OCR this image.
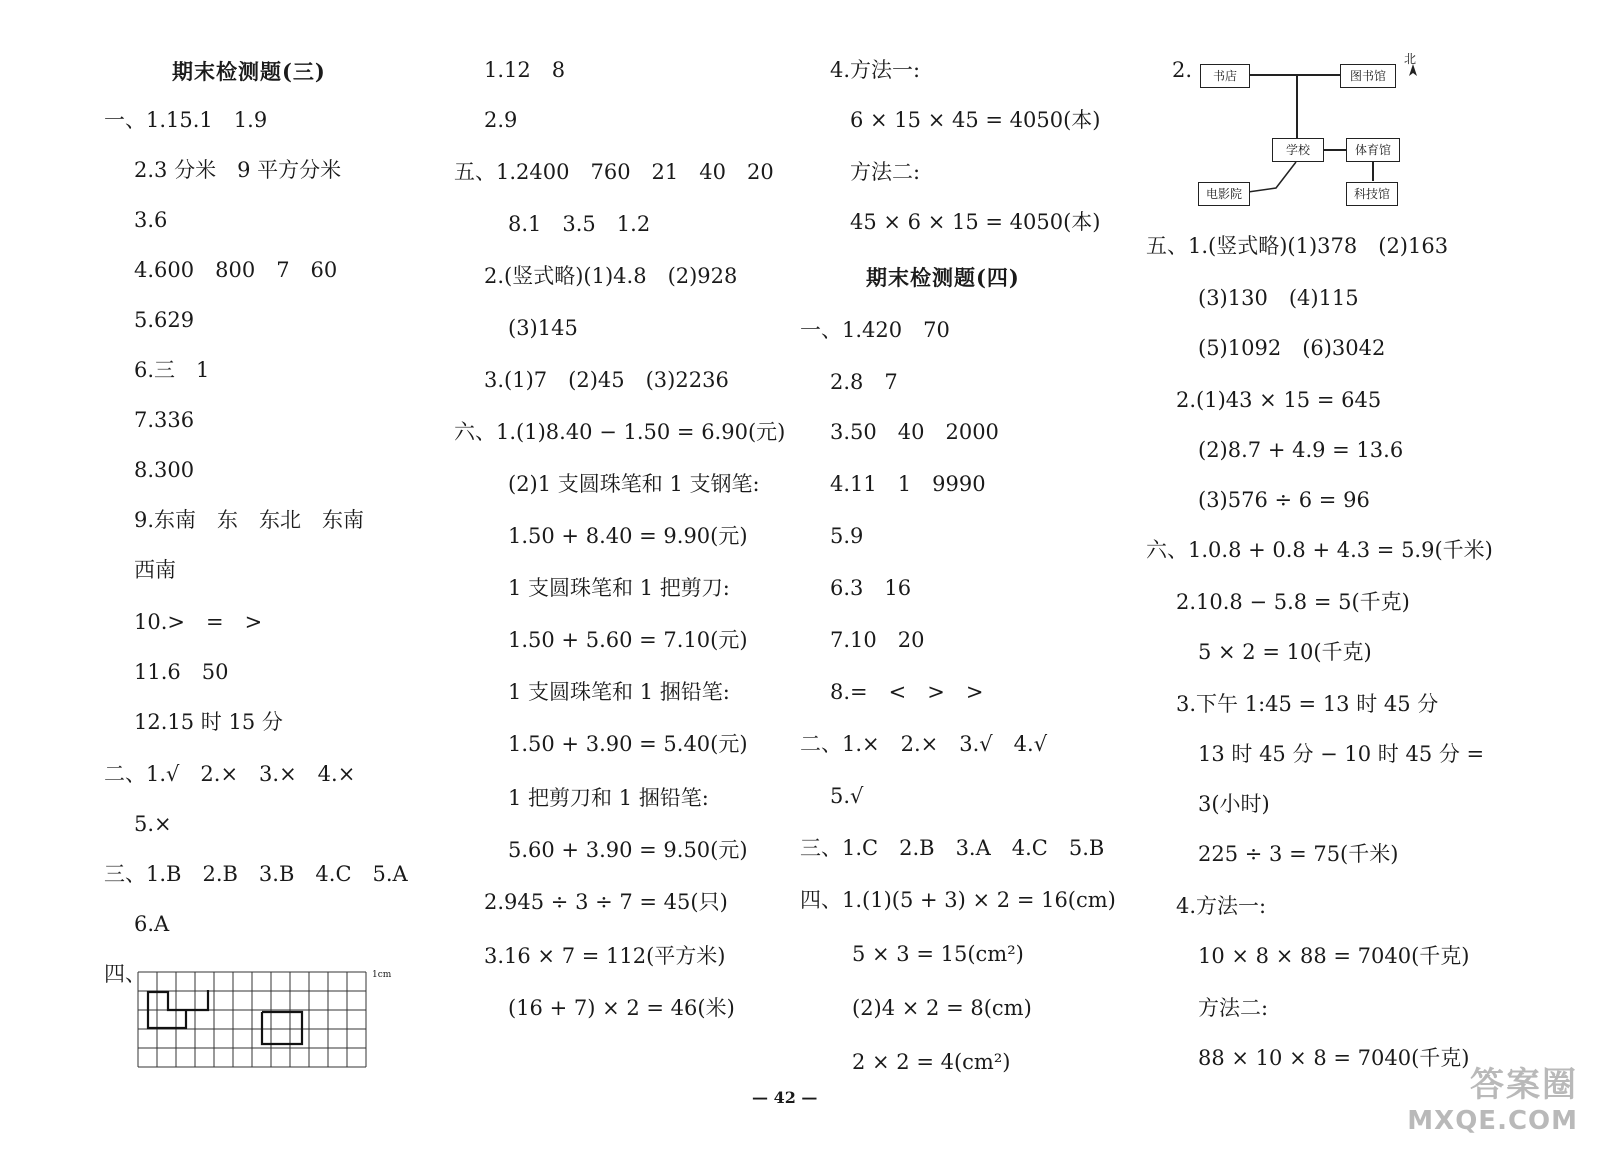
期末检测题(三)
一、1.15.1　1.9
2.3 分米　9 平方分米
3.6
4.600　800　7　60
5.629
6.三　1
7.336
8.300
9.东南　东　东北　东南
西南
10.>　=　>
11.6　50
12.15 时 15 分
二、1.√　2.×　3.×　4.×
5.×
三、1.B　2.B　3.B　4.C　5.A
6.A
四、	1cm
1.12　8
2.9
五、1.2400　760　21　40　20
8.1　3.5　1.2
2.(竖式略)(1)4.8　(2)928
(3)145
3.(1)7　(2)45　(3)2236
六、1.(1)8.40 − 1.50 = 6.90(元)
(2)1 支圆珠笔和 1 支钢笔:
1.50 + 8.40 = 9.90(元)
1 支圆珠笔和 1 把剪刀:
1.50 + 5.60 = 7.10(元)
1 支圆珠笔和 1 捆铅笔:
1.50 + 3.90 = 5.40(元)
1 把剪刀和 1 捆铅笔:
5.60 + 3.90 = 9.50(元)
2.945 ÷ 3 ÷ 7 = 45(只)
3.16 × 7 = 112(平方米)
(16 + 7) × 2 = 46(米)
4.方法一:
6 × 15 × 45 = 4050(本)
方法二:
45 × 6 × 15 = 4050(本)
期末检测题(四)
一、1.420　70
2.8　7
3.50　40　2000
4.11　1　9990
5.9
6.3　16
7.10　20
8.=　<　>　>
二、1.×　2.×　3.√　4.√
5.√
三、1.C　2.B　3.A　4.C　5.B
四、1.(1)(5 + 3) × 2 = 16(cm)
5 × 3 = 15(cm²)
(2)4 × 2 = 8(cm)
2 × 2 = 4(cm²)
2.	书店	图书馆
学校	体育馆
电影院	科技馆
北
五、1.(竖式略)(1)378　(2)163
(3)130　(4)115
(5)1092　(6)3042
2.(1)43 × 15 = 645
(2)8.7 + 4.9 = 13.6
(3)576 ÷ 6 = 96
六、1.0.8 + 0.8 + 4.3 = 5.9(千米)
2.10.8 − 5.8 = 5(千克)
5 × 2 = 10(千克)
3.下午 1:45 = 13 时 45 分
13 时 45 分 − 10 时 45 分 =
3(小时)
225 ÷ 3 = 75(千米)
4.方法一:
10 × 8 × 88 = 7040(千克)
方法二:
88 × 10 × 8 = 7040(千克)
— 42 —	答案圈
MXQE.COM
